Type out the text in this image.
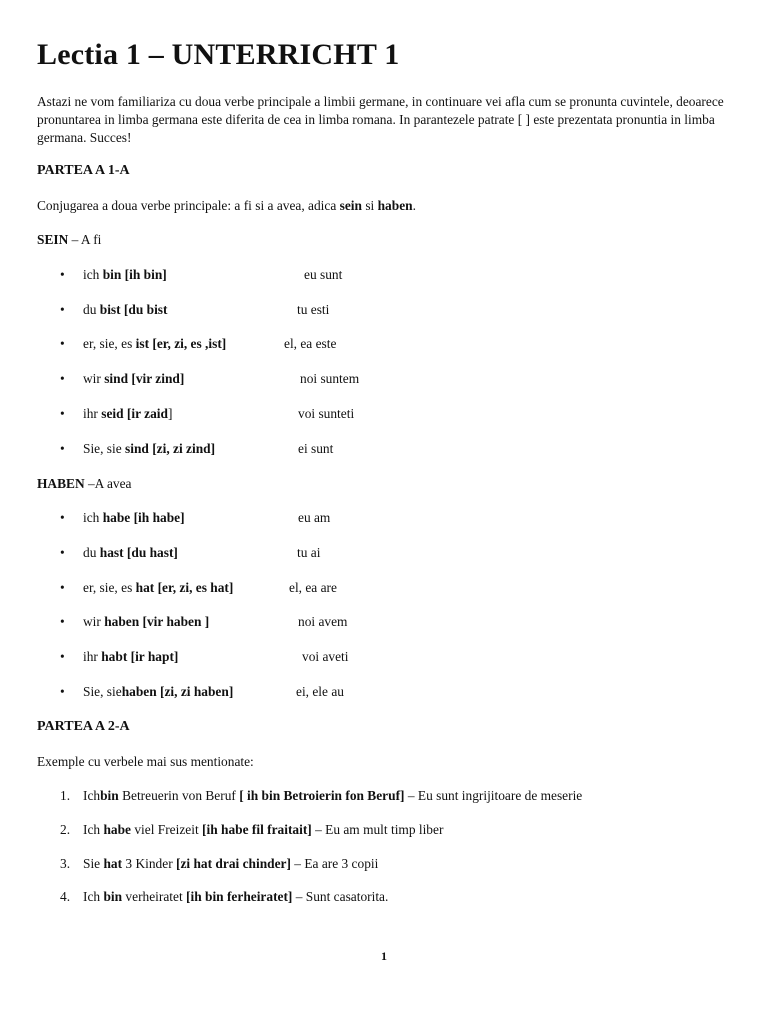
Lectia 1 – UNTERRICHT 1

Astazi ne vom familiariza cu doua verbe principale a limbii germane, in continuare vei afla cum se pronunta cuvintele, deoarece pronuntarea in limba germana este diferita de cea in limba romana. In parantezele patrate [ ] este prezentata pronuntia in limba germana. Succes!

PARTEA A 1-A

Conjugarea a doua verbe principale: a fi si a avea, adica sein si haben.

SEIN – A fi

• ich bin [ih bin]	eu sunt
• du bist [du bist	tu esti
• er, sie, es ist [er, zi, es ,ist]	el, ea este
• wir sind [vir zind]	noi suntem
• ihr seid [ir zaid]	voi sunteti
• Sie, sie sind [zi, zi zind]	ei sunt

HABEN –A avea

• ich habe [ih habe]	eu am
• du hast [du hast]	tu ai
• er, sie, es hat [er, zi, es hat]	el, ea are
• wir haben [vir haben ]	noi avem
• ihr habt [ir hapt]	voi aveti
• Sie, siehaben [zi, zi haben]	ei, ele au

PARTEA A 2-A

Exemple cu verbele mai sus mentionate:

1. Ichbin Betreuerin von Beruf [ ih bin Betroierin fon Beruf] – Eu sunt ingrijitoare de meserie
2. Ich habe viel Freizeit [ih habe fil fraitait] – Eu am mult timp liber
3. Sie hat 3 Kinder [zi hat drai chinder] – Ea are 3 copii
4. Ich bin verheiratet [ih bin ferheiratet] – Sunt casatorita.
1
